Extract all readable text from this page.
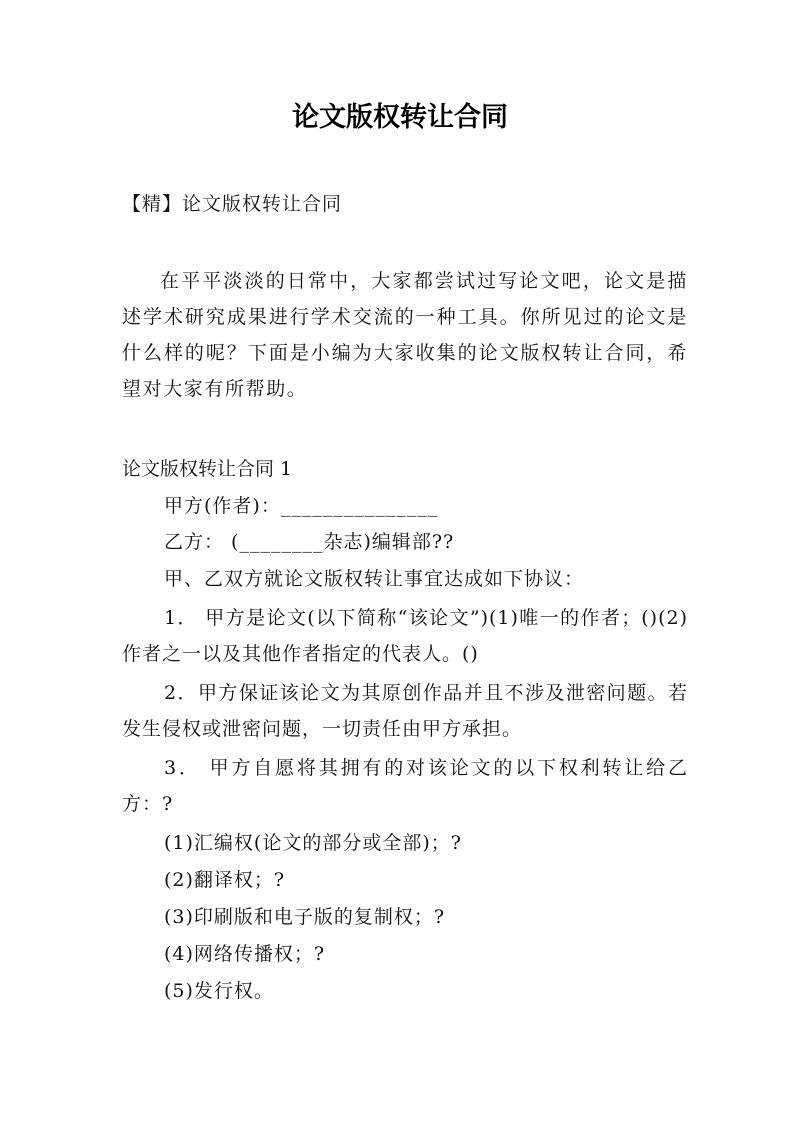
论文版权转让合同
【精】论文版权转让合同
在平平淡淡的日常中，大家都尝试过写论文吧，论文是描述学术研究成果进行学术交流的一种工具。你所见过的论文是什么样的呢？下面是小编为大家收集的论文版权转让合同，希望对大家有所帮助。
论文版权转让合同 1
甲方(作者)：_______________
乙方： (________杂志)编辑部??
甲、乙双方就论文版权转让事宜达成如下协议：
1． 甲方是论文(以下简称“该论文”)(1)唯一的作者；()(2)作者之一以及其他作者指定的代表人。()
2．甲方保证该论文为其原创作品并且不涉及泄密问题。若发生侵权或泄密问题，一切责任由甲方承担。
3． 甲方自愿将其拥有的对该论文的以下权利转让给乙方：?
(1)汇编权(论文的部分或全部)；?
(2)翻译权；?
(3)印刷版和电子版的复制权；?
(4)网络传播权；?
(5)发行权。
